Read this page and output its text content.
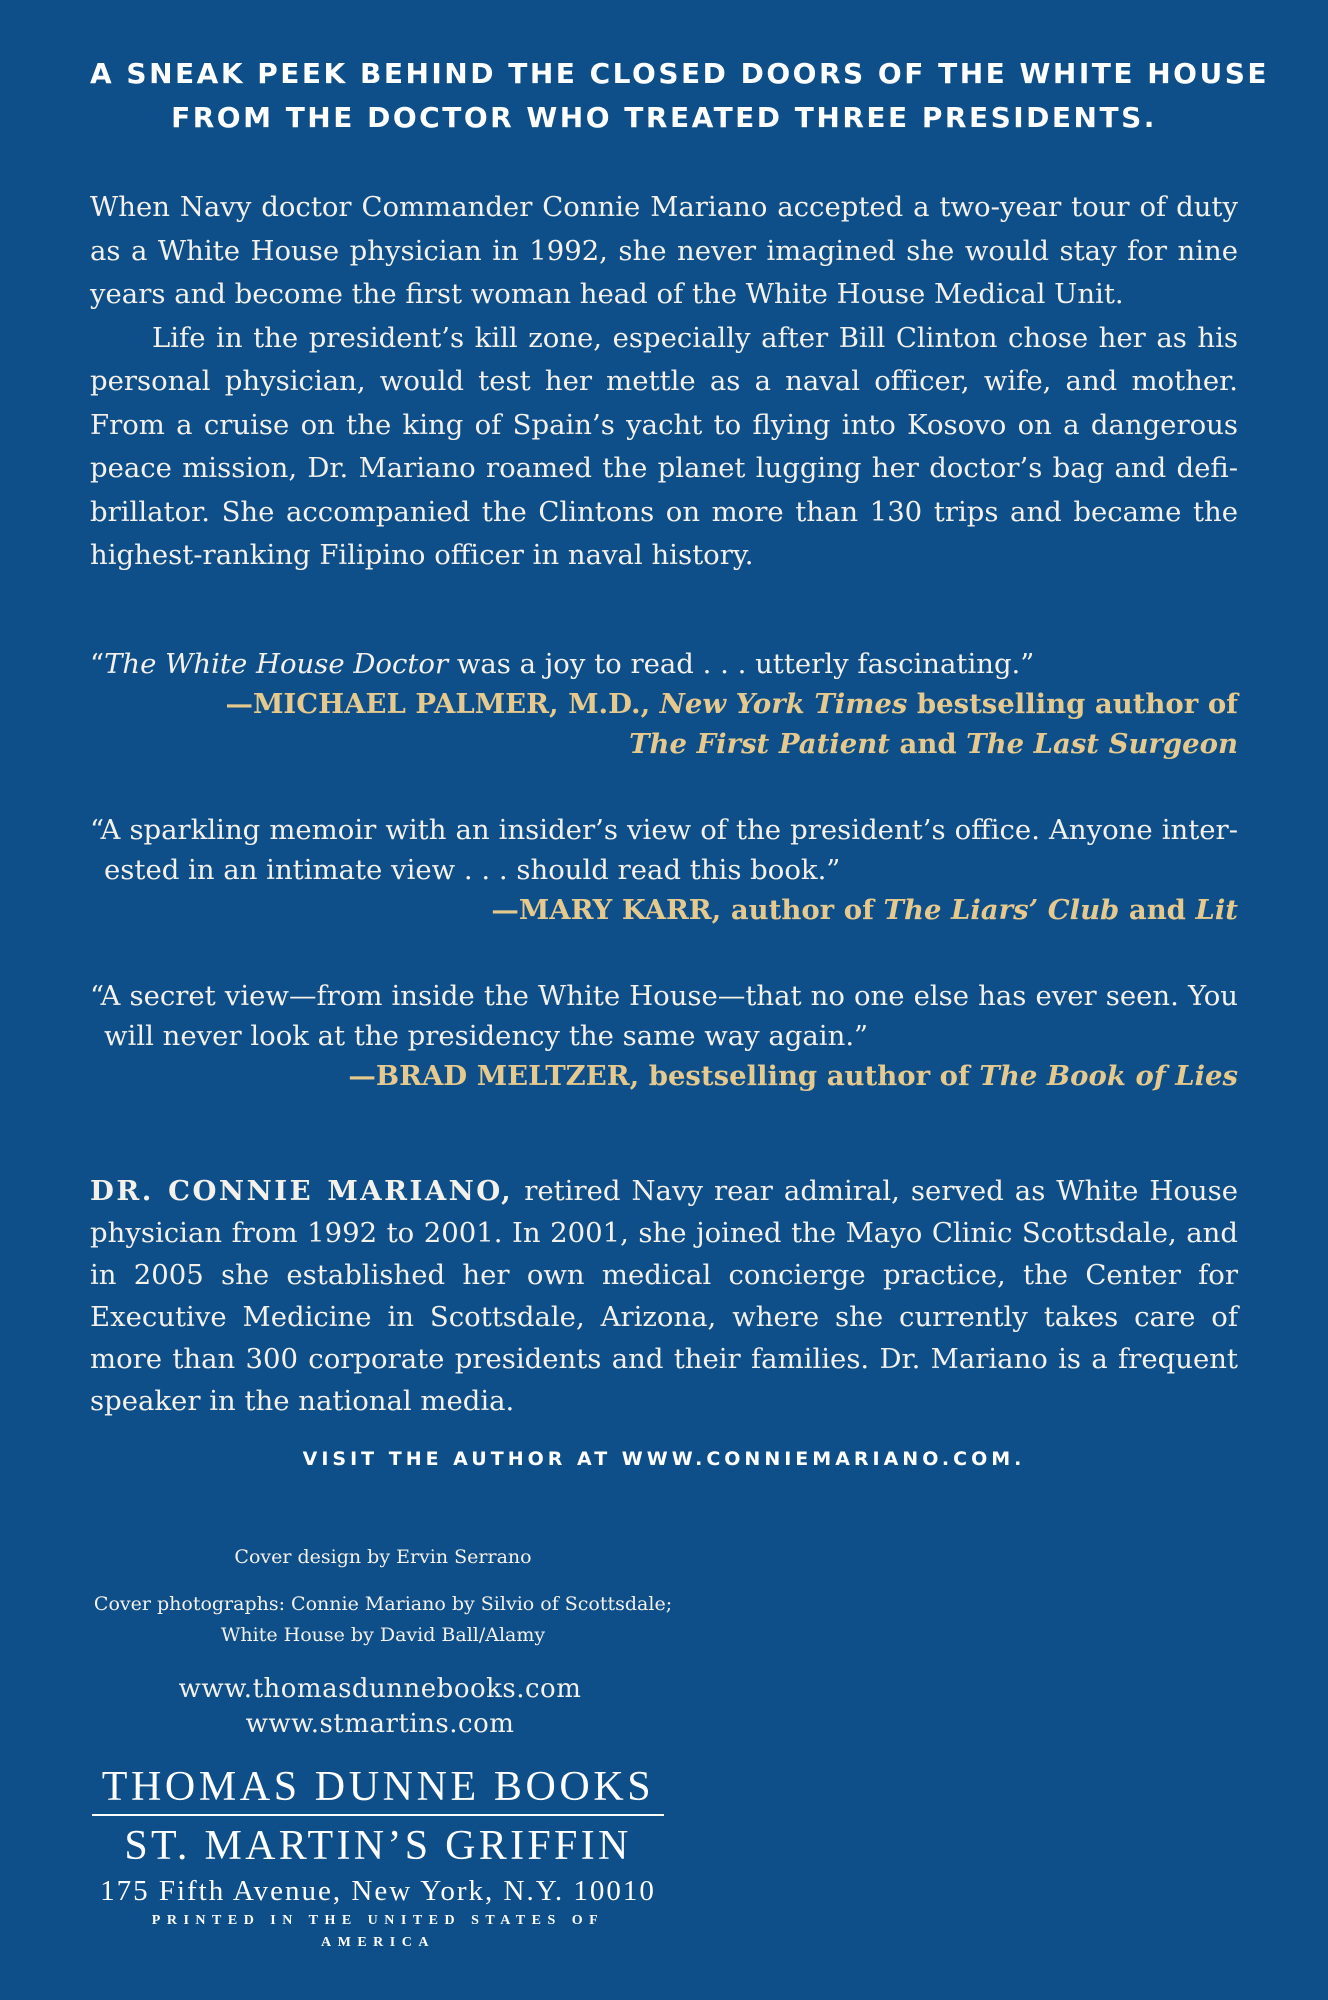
A SNEAK PEEK BEHIND THE CLOSED DOORS OF THE WHITE HOUSE
FROM THE DOCTOR WHO TREATED THREE PRESIDENTS.

When Navy doctor Commander Connie Mariano accepted a two-year tour of duty as a White House physician in 1992, she never imagined she would stay for nine years and become the first woman head of the White House Medical Unit.

Life in the president’s kill zone, especially after Bill Clinton chose her as his personal physician, would test her mettle as a naval officer, wife, and mother. From a cruise on the king of Spain’s yacht to flying into Kosovo on a dangerous peace mission, Dr. Mariano roamed the planet lugging her doctor’s bag and defibrillator. She accompanied the Clintons on more than 130 trips and became the highest-ranking Filipino officer in naval history.

“The White House Doctor was a joy to read . . . utterly fascinating.”
—MICHAEL PALMER, M.D., New York Times bestselling author of
The First Patient and The Last Surgeon
“A sparkling memoir with an insider’s view of the president’s office. Anyone interested in an intimate view . . . should read this book.”
—MARY KARR, author of The Liars’ Club and Lit
“A secret view—from inside the White House—that no one else has ever seen. You will never look at the presidency the same way again.”
—BRAD MELTZER, bestselling author of The Book of Lies
DR. CONNIE MARIANO, retired Navy rear admiral, served as White House physician from 1992 to 2001. In 2001, she joined the Mayo Clinic Scottsdale, and in 2005 she established her own medical concierge practice, the Center for Executive Medicine in Scottsdale, Arizona, where she currently takes care of more than 300 corporate presidents and their families. Dr. Mariano is a frequent speaker in the national media.
VISIT THE AUTHOR AT WWW.CONNIEMARIANO.COM.
Cover design by Ervin Serrano
Cover photographs: Connie Mariano by Silvio of Scottsdale;
White House by David Ball/Alamy
www.thomasdunnebooks.com
www.stmartins.com
THOMAS DUNNE BOOKS
ST. MARTIN’S GRIFFIN
175 Fifth Avenue, New York, N.Y. 10010
PRINTED IN THE UNITED STATES OF AMERICA
